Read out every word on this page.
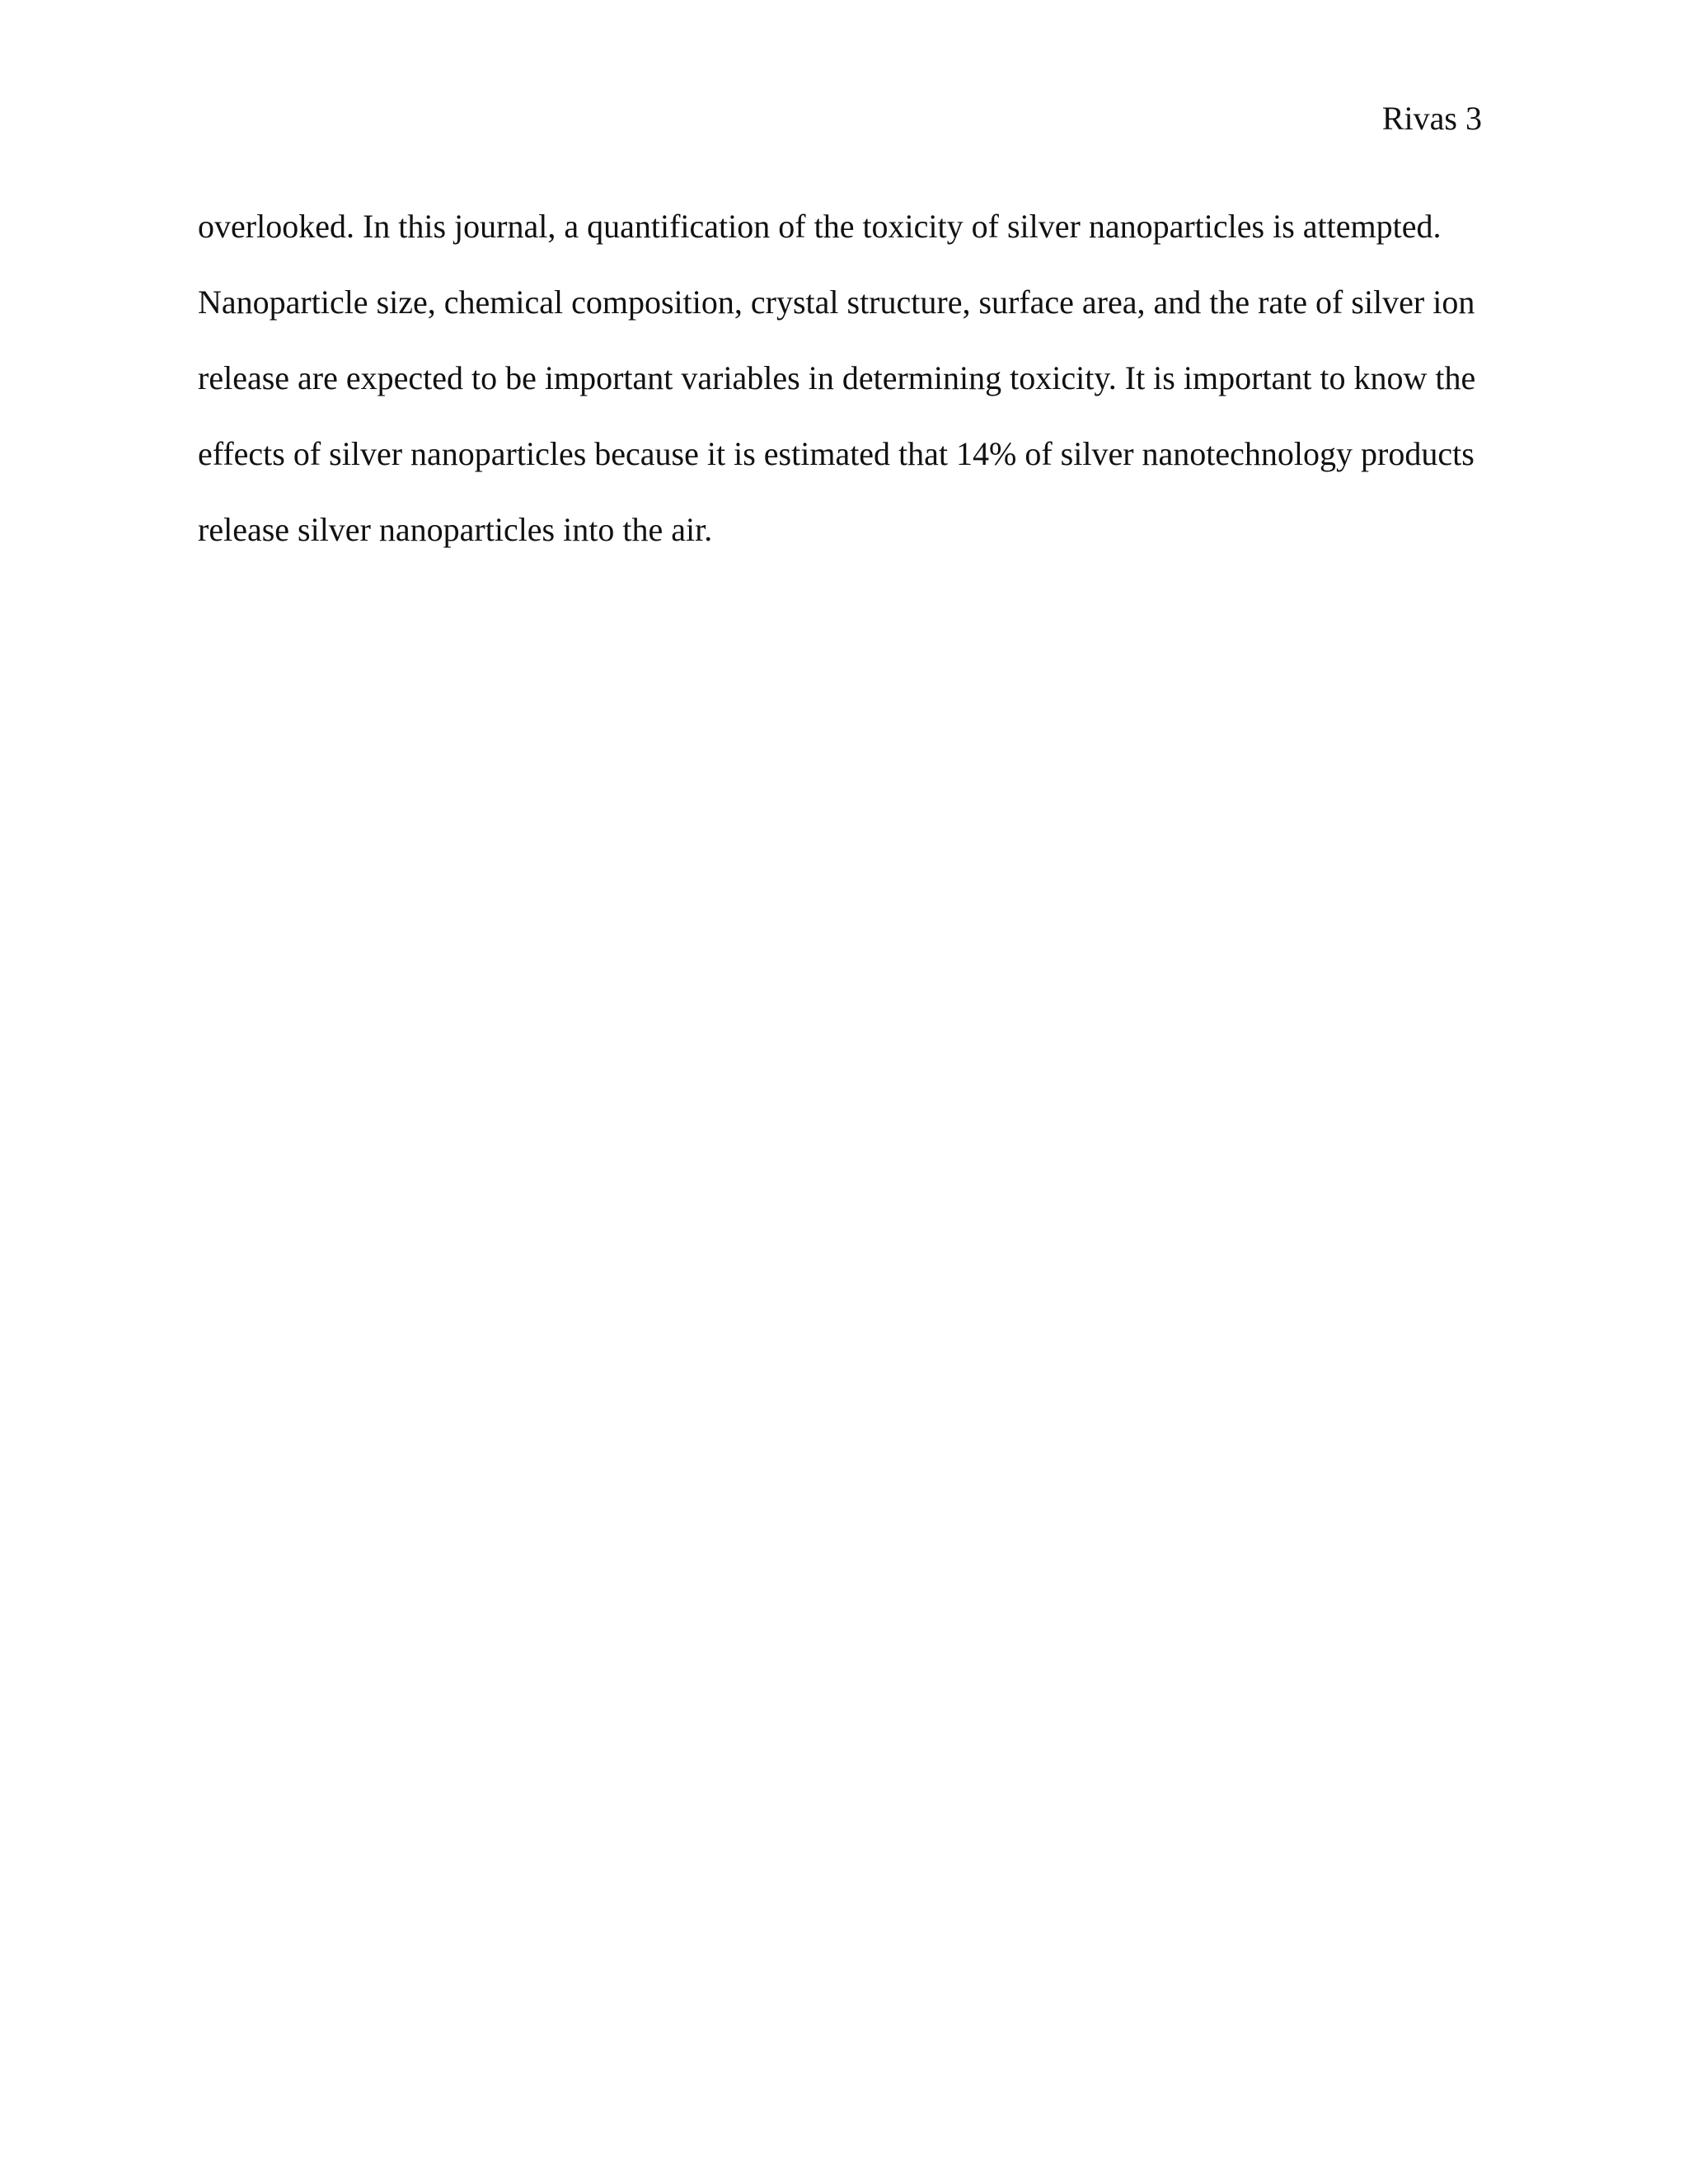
Rivas 3
overlooked. In this journal, a quantification of the toxicity of silver nanoparticles is attempted.
Nanoparticle size, chemical composition, crystal structure, surface area, and the rate of silver ion
release are expected to be important variables in determining toxicity. It is important to know the
effects of silver nanoparticles because it is estimated that 14% of silver nanotechnology products
release silver nanoparticles into the air.
